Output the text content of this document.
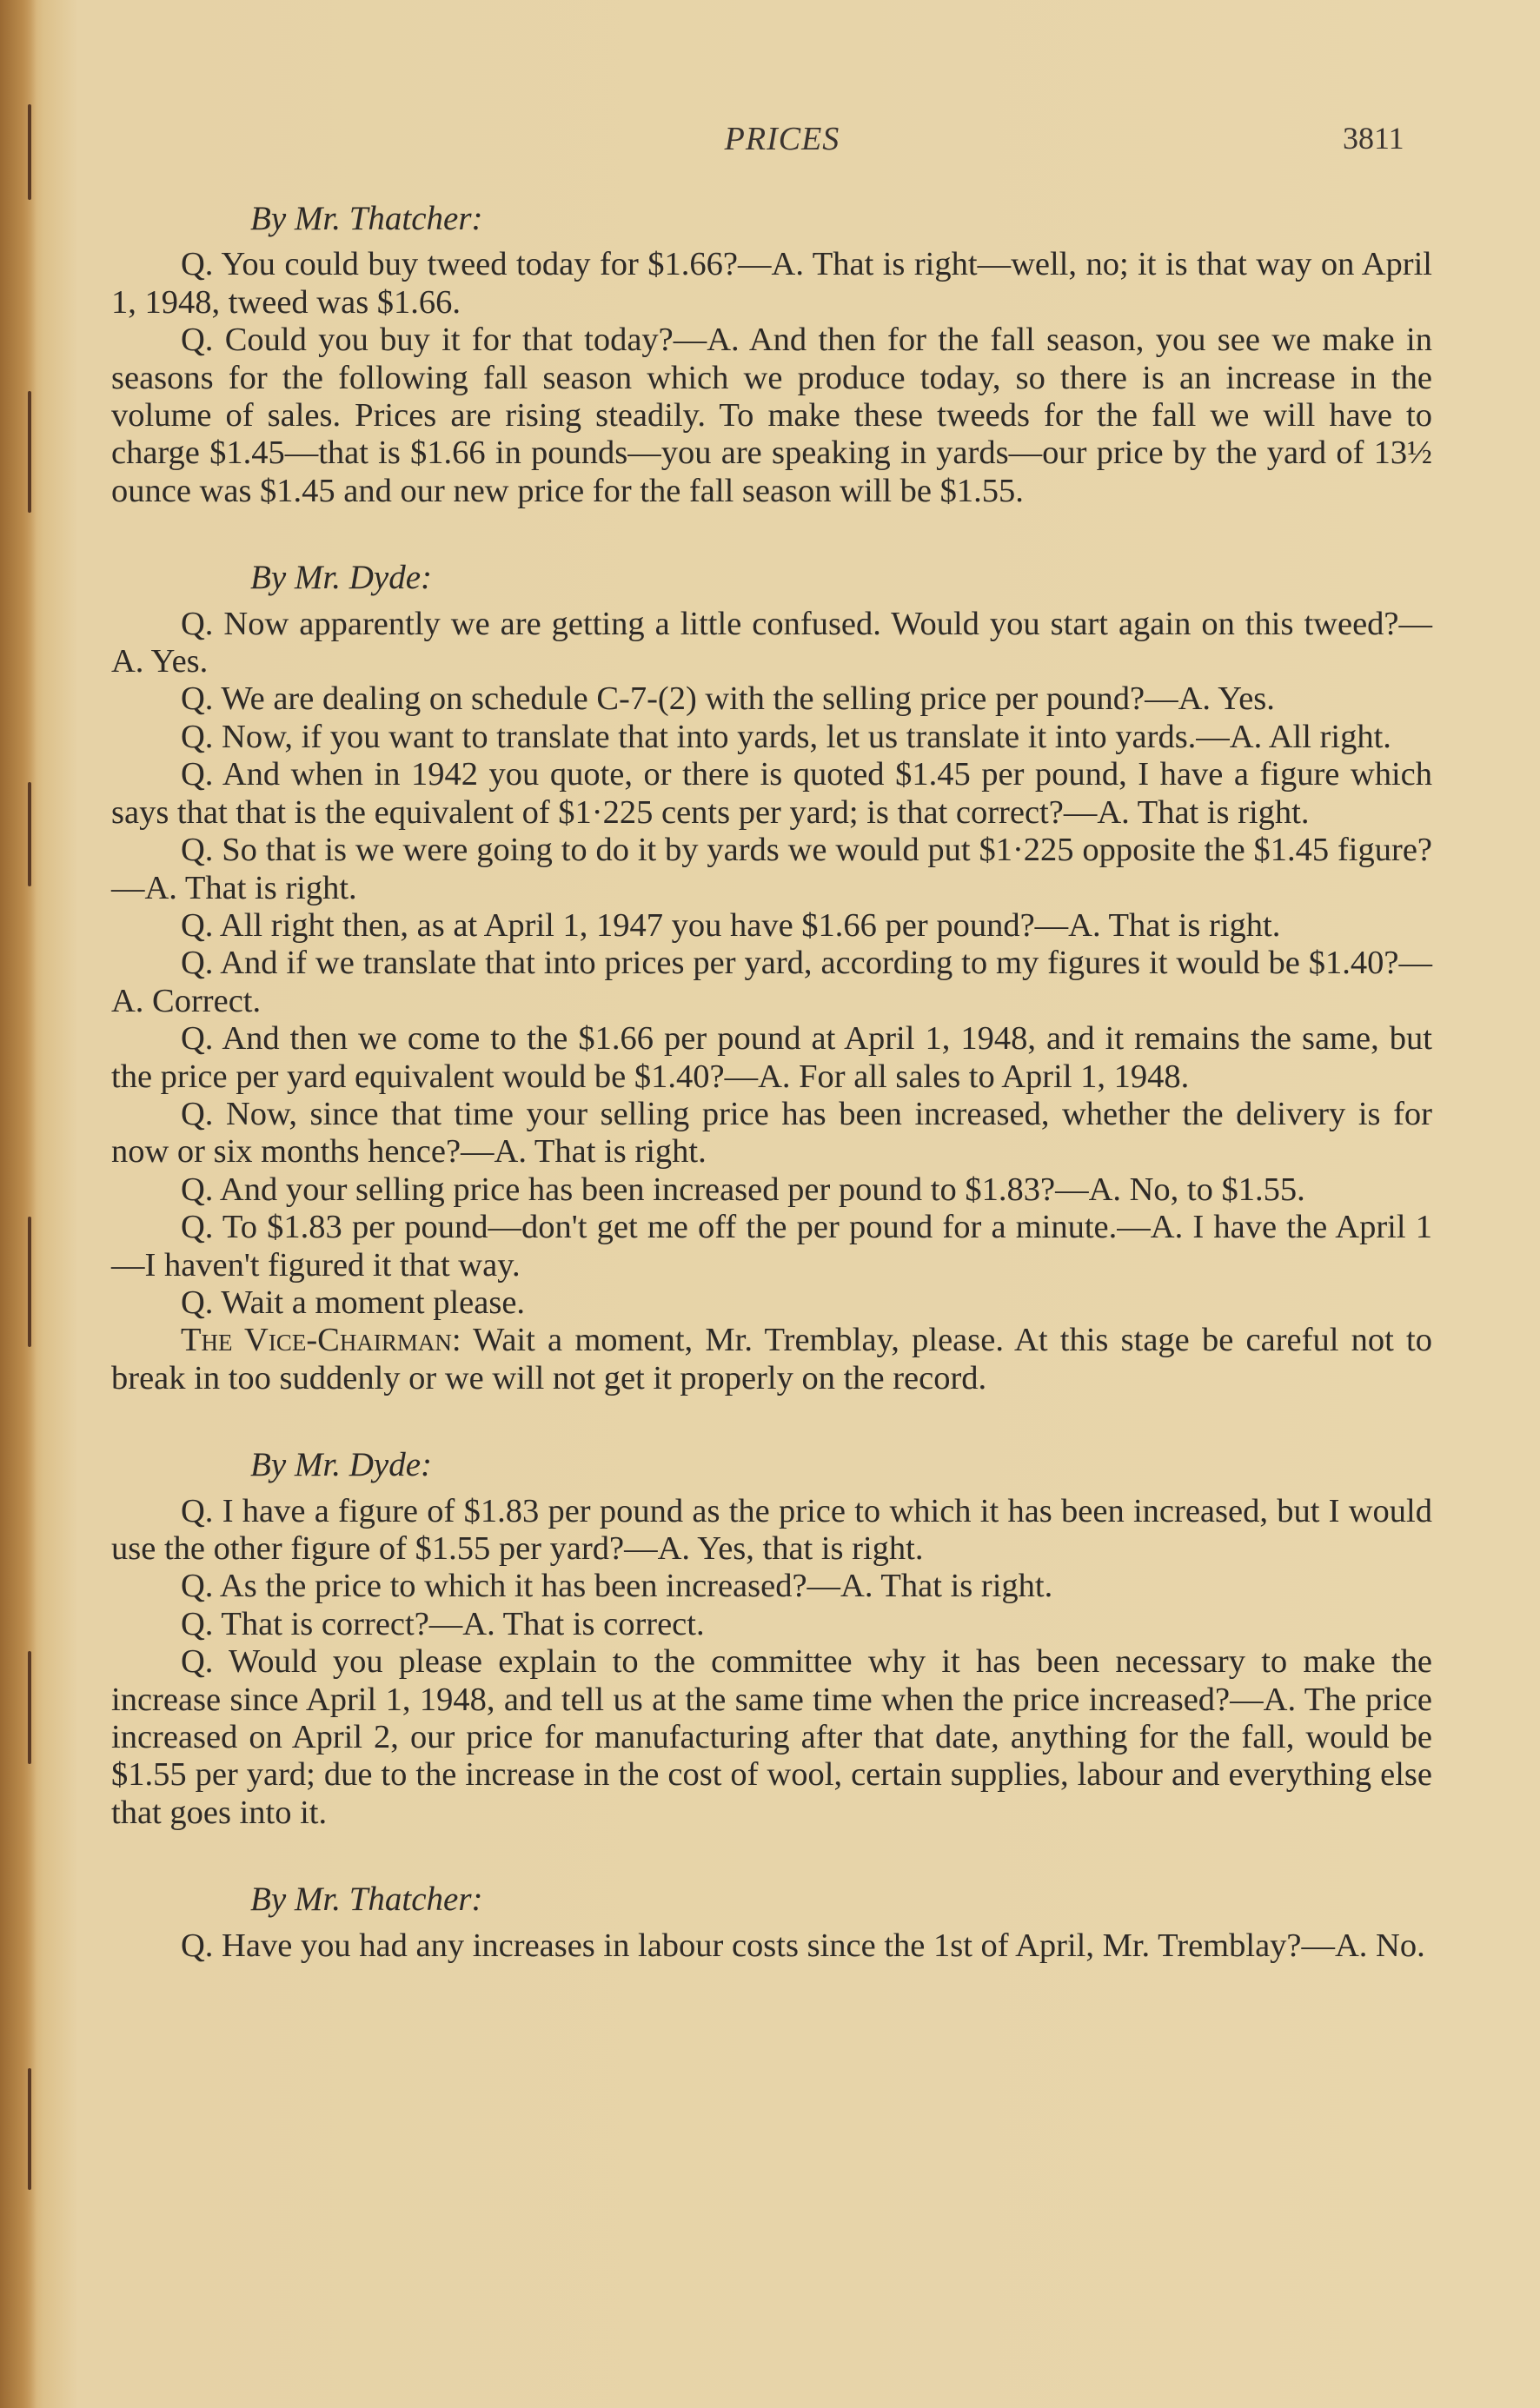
PRICES	3811
By Mr. Thatcher:

Q. You could buy tweed today for $1.66?—A. That is right—well, no; it is that way on April 1, 1948, tweed was $1.66.

Q. Could you buy it for that today?—A. And then for the fall season, you see we make in seasons for the following fall season which we produce today, so there is an increase in the volume of sales. Prices are rising steadily. To make these tweeds for the fall we will have to charge $1.45—that is $1.66 in pounds—you are speaking in yards—our price by the yard of 13½ ounce was $1.45 and our new price for the fall season will be $1.55.

By Mr. Dyde:

Q. Now apparently we are getting a little confused. Would you start again on this tweed?—A. Yes.

Q. We are dealing on schedule C-7-(2) with the selling price per pound?—A. Yes.

Q. Now, if you want to translate that into yards, let us translate it into yards.—A. All right.

Q. And when in 1942 you quote, or there is quoted $1.45 per pound, I have a figure which says that that is the equivalent of $1·225 cents per yard; is that correct?—A. That is right.

Q. So that is we were going to do it by yards we would put $1·225 opposite the $1.45 figure?—A. That is right.

Q. All right then, as at April 1, 1947 you have $1.66 per pound?—A. That is right.

Q. And if we translate that into prices per yard, according to my figures it would be $1.40?—A. Correct.

Q. And then we come to the $1.66 per pound at April 1, 1948, and it remains the same, but the price per yard equivalent would be $1.40?—A. For all sales to April 1, 1948.

Q. Now, since that time your selling price has been increased, whether the delivery is for now or six months hence?—A. That is right.

Q. And your selling price has been increased per pound to $1.83?—A. No, to $1.55.

Q. To $1.83 per pound—don't get me off the per pound for a minute.—A. I have the April 1—I haven't figured it that way.

Q. Wait a moment please.

The Vice-Chairman: Wait a moment, Mr. Tremblay, please. At this stage be careful not to break in too suddenly or we will not get it properly on the record.

By Mr. Dyde:

Q. I have a figure of $1.83 per pound as the price to which it has been increased, but I would use the other figure of $1.55 per yard?—A. Yes, that is right.

Q. As the price to which it has been increased?—A. That is right.

Q. That is correct?—A. That is correct.

Q. Would you please explain to the committee why it has been necessary to make the increase since April 1, 1948, and tell us at the same time when the price increased?—A. The price increased on April 2, our price for manufacturing after that date, anything for the fall, would be $1.55 per yard; due to the increase in the cost of wool, certain supplies, labour and everything else that goes into it.

By Mr. Thatcher:

Q. Have you had any increases in labour costs since the 1st of April, Mr. Tremblay?—A. No.
